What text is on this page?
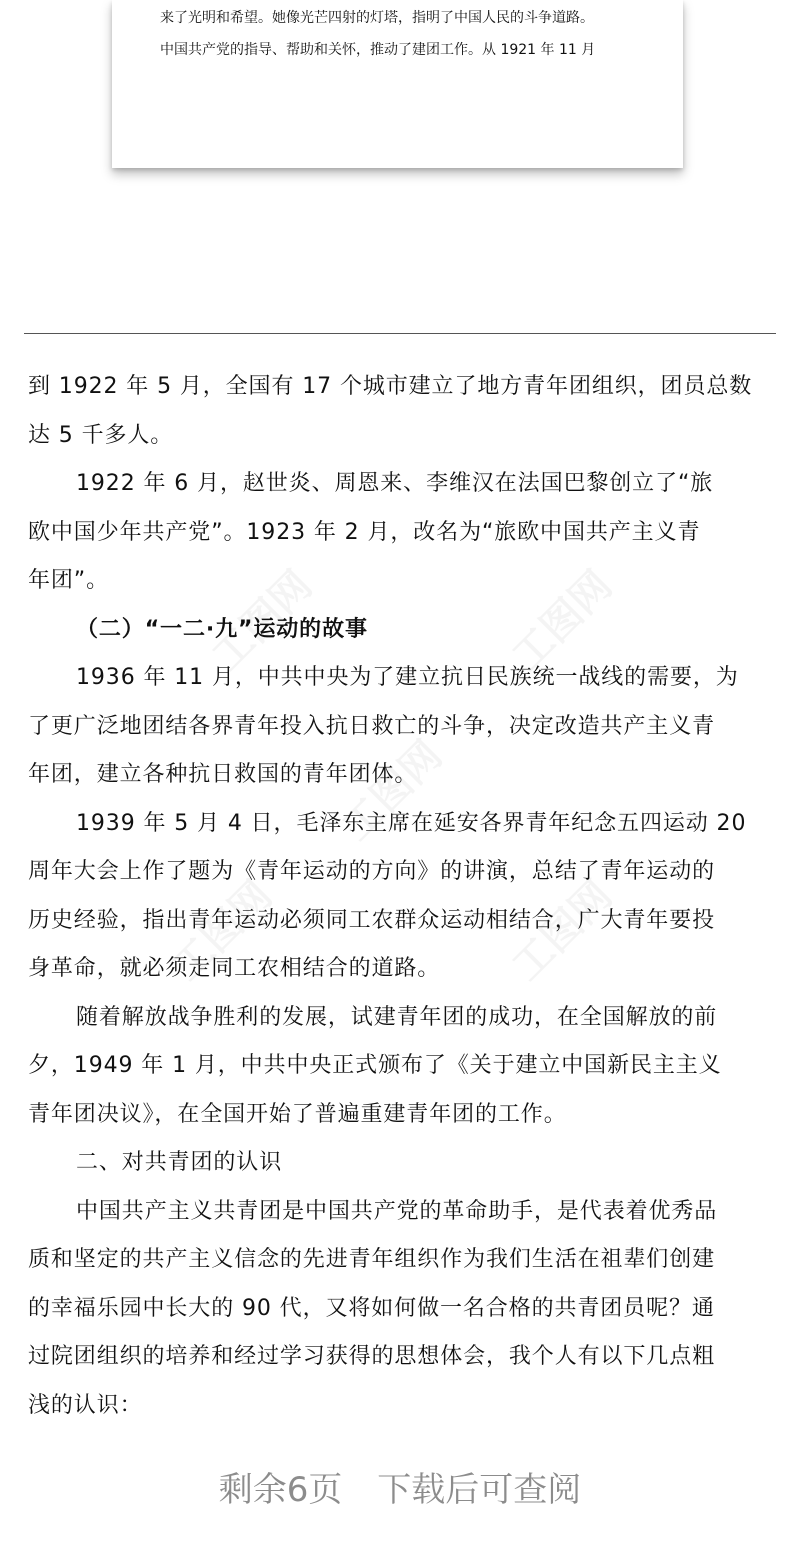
来了光明和希望。她像光芒四射的灯塔，指明了中国人民的斗争道路。
中国共产党的指导、帮助和关怀，推动了建团工作。从 1921 年 11 月
到 1922 年 5 月，全国有 17 个城市建立了地方青年团组织，团员总数
达 5 千多人。
1922 年 6 月，赵世炎、周恩来、李维汉在法国巴黎创立了“旅
欧中国少年共产党”。1923 年 2 月，改名为“旅欧中国共产主义青
年团”。
（二）“一二·九”运动的故事
1936 年 11 月，中共中央为了建立抗日民族统一战线的需要，为
了更广泛地团结各界青年投入抗日救亡的斗争，决定改造共产主义青
年团，建立各种抗日救国的青年团体。
1939 年 5 月 4 日，毛泽东主席在延安各界青年纪念五四运动 20
周年大会上作了题为《青年运动的方向》的讲演，总结了青年运动的
历史经验，指出青年运动必须同工农群众运动相结合，广大青年要投
身革命，就必须走同工农相结合的道路。
随着解放战争胜利的发展，试建青年团的成功，在全国解放的前
夕，1949 年 1 月，中共中央正式颁布了《关于建立中国新民主主义
青年团决议》，在全国开始了普遍重建青年团的工作。
二、对共青团的认识
中国共产主义共青团是中国共产党的革命助手，是代表着优秀品
质和坚定的共产主义信念的先进青年组织作为我们生活在祖辈们创建
的幸福乐园中长大的 90 代，又将如何做一名合格的共青团员呢？通
过院团组织的培养和经过学习获得的思想体会，我个人有以下几点粗
浅的认识：
剩余6页 下载后可查阅
